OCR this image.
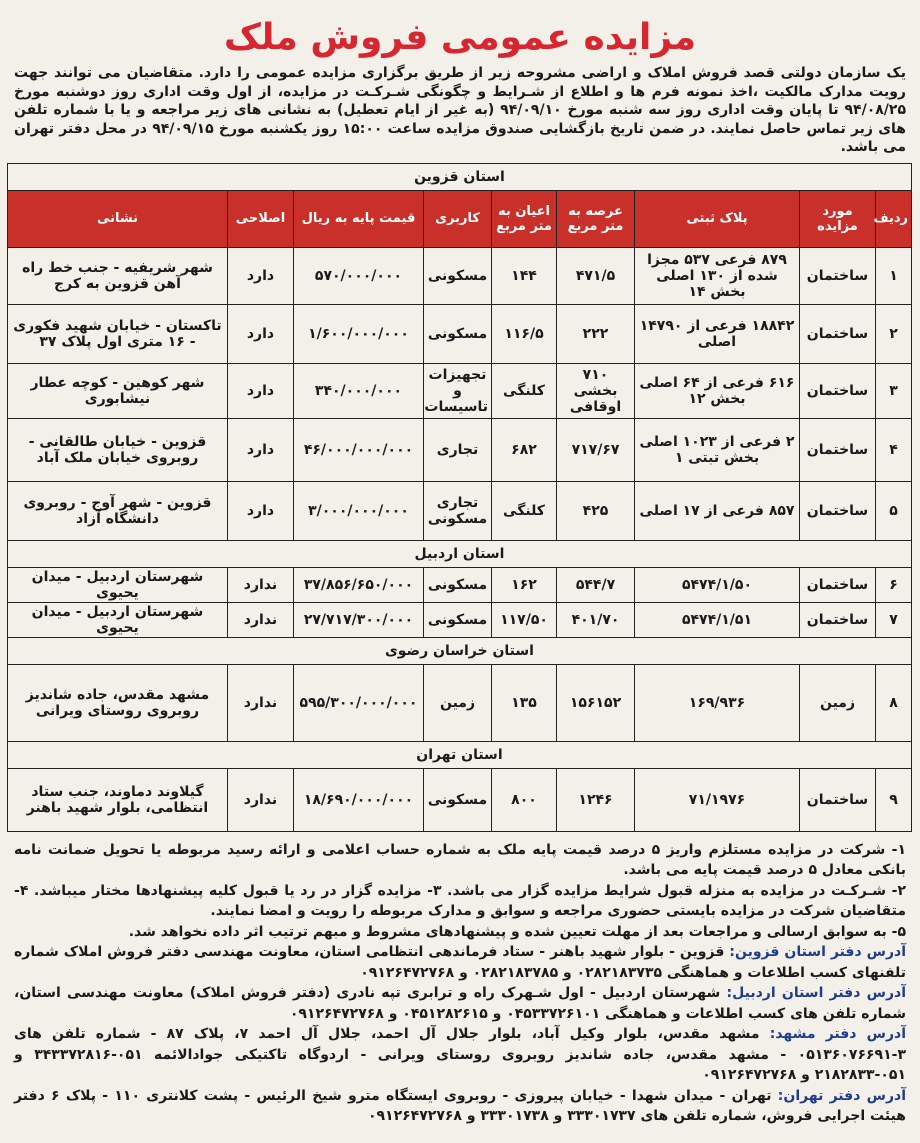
مزایده عمومی فروش ملک
یک سازمان دولتی قصد فروش املاک و اراضی مشروحه زیر از طریق برگزاری مزایده عمومی را دارد. متقاضیان می توانند جهت رویت مدارک مالکیت ،اخذ نمونه فرم ها و اطلاع از شـرایط و چگونگی شـرکـت در مزایده، از اول وقت اداری روز دوشنبه مورخ ۹۴/۰۸/۲۵ تا پایان وقت اداری روز سه شنبه مورخ ۹۴/۰۹/۱۰ (به غیر از ایام تعطیل) به نشانی های زیر مراجعه و یا با شماره تلفن های زیر تماس حاصل نمایند. در ضمن تاریخ بازگشایی صندوق مزایده ساعت ۱۵:۰۰ روز یکشنبه مورخ ۹۴/۰۹/۱۵ در محل دفتر تهران می باشد.
استان قزوین								
ردیف	مورد مزایده	پلاک ثبتی	عرصه به متر مربع	اعیان به متر مربع	کاربری	قیمت پایه به ریال	اصلاحی	نشانی
۱	ساختمان	۸۷۹ فرعی ۵۳۷ مجزا شده از ۱۳۰ اصلی بخش ۱۴	۴۷۱/۵	۱۴۴	مسکونی	۵۷۰/۰۰۰/۰۰۰	دارد	شهر شریفیه - جنب خط راه آهن قزوین به کرج
۲	ساختمان	۱۸۸۴۲ فرعی از ۱۴۷۹۰ اصلی	۲۲۲	۱۱۶/۵	مسکونی	۱/۶۰۰/۰۰۰/۰۰۰	دارد	تاکستان - خیابان شهید فکوری - ۱۶ متری اول پلاک ۳۷
۳	ساختمان	۶۱۶ فرعی از ۶۴ اصلی بخش ۱۲	۷۱۰ بخشی اوقافی	کلنگی	تجهیزات و تاسیسات	۳۴۰/۰۰۰/۰۰۰	دارد	شهر کوهین - کوچه عطار نیشابوری
۴	ساختمان	۲ فرعی از ۱۰۲۳ اصلی بخش تبتی ۱	۷۱۷/۶۷	۶۸۲	تجاری	۴۶/۰۰۰/۰۰۰/۰۰۰	دارد	قزوین - خیابان طالقانی - روبروی خیابان ملک آباد
۵	ساختمان	۸۵۷ فرعی از ۱۷ اصلی	۴۲۵	کلنگی	تجاری مسکونی	۳/۰۰۰/۰۰۰/۰۰۰	دارد	قزوین - شهر آوج - روبروی دانشگاه آزاد
استان اردبیل								
۶	ساختمان	۵۴۷۴/۱/۵۰	۵۴۴/۷	۱۶۲	مسکونی	۳۷/۸۵۶/۶۵۰/۰۰۰	ندارد	شهرستان اردبیل - میدان یحیوی
۷	ساختمان	۵۴۷۴/۱/۵۱	۴۰۱/۷۰	۱۱۷/۵۰	مسکونی	۲۷/۷۱۷/۳۰۰/۰۰۰	ندارد	شهرستان اردبیل - میدان یحیوی
استان خراسان رضوی								
۸	زمین	۱۶۹/۹۳۶	۱۵۶۱۵۲	۱۳۵	زمین	۵۹۵/۳۰۰/۰۰۰/۰۰۰	ندارد	مشهد مقدس، جاده شاندیز روبروی روستای ویرانی
استان تهران								
۹	ساختمان	۷۱/۱۹۷۶	۱۲۴۶	۸۰۰	مسکونی	۱۸/۶۹۰/۰۰۰/۰۰۰	ندارد	گیلاوند دماوند، جنب ستاد انتظامی، بلوار شهید باهنر

۱- شرکت در مزایده مستلزم واریز ۵ درصد قیمت پایه ملک به شماره حساب اعلامی و ارائه رسید مربوطه یا تحویل ضمانت نامه بانکی معادل ۵ درصد قیمت پایه می باشد.

۲- شـرکـت در مزایده به منزله قبول شرایط مزایده گزار می باشد. ۳- مزایده گزار در رد یا قبول کلیه پیشنهادها مختار میباشد. ۴- متقاضیان شرکت در مزایده بایستی حضوری مراجعه و سوابق و مدارک مربوطه را رویت و امضا نمایند.

۵- به سوابق ارسالی و مراجعات بعد از مهلت تعیین شده و پیشنهادهای مشروط و مبهم ترتیب اثر داده نخواهد شد.

آدرس دفتر استان قزوین: قزوین - بلوار شهید باهنر - ستاد فرماندهی انتظامی استان، معاونت مهندسی دفتر فروش املاک شماره تلفنهای کسب اطلاعات و هماهنگی ۰۲۸۲۱۸۳۷۳۵ و ۰۲۸۲۱۸۳۷۸۵ و ۰۹۱۲۶۴۷۲۷۶۸

آدرس دفتر استان اردبیل: شهرستان اردبیل - اول شـهرک راه و ترابری تپه نادری (دفتر فروش املاک) معاونت مهندسی استان، شماره تلفن های کسب اطلاعات و هماهنگی ۰۴۵۳۳۷۲۶۱۰۱ و ۰۴۵۱۲۸۲۶۱۵ و ۰۹۱۲۶۴۷۲۷۶۸

آدرس دفتر مشهد: مشهد مقدس، بلوار وکیل آباد، بلوار جلال آل احمد، جلال آل احمد ۷، پلاک ۸۷ - شماره تلفن های ۳-۰۵۱۳۶۰۷۶۶۹۱ - مشهد مقدس، جاده شاندیز روبروی روستای ویرانی - اردوگاه تاکتیکی جوادالائمه ۰۵۱-۳۴۳۳۷۲۸۱۶ و ۰۵۱-۲۱۸۲۸۳۳ و ۰۹۱۲۶۴۷۲۷۶۸

آدرس دفتر تهران: تهران - میدان شهدا - خیابان پیروزی - روبروی ایستگاه مترو شیخ الرئیس - پشت کلانتری ۱۱۰ - پلاک ۶ دفتر هیئت اجرایی فروش، شماره تلفن های ۳۳۳۰۱۷۳۷ و ۳۳۳۰۱۷۳۸ و ۰۹۱۲۶۴۷۲۷۶۸
